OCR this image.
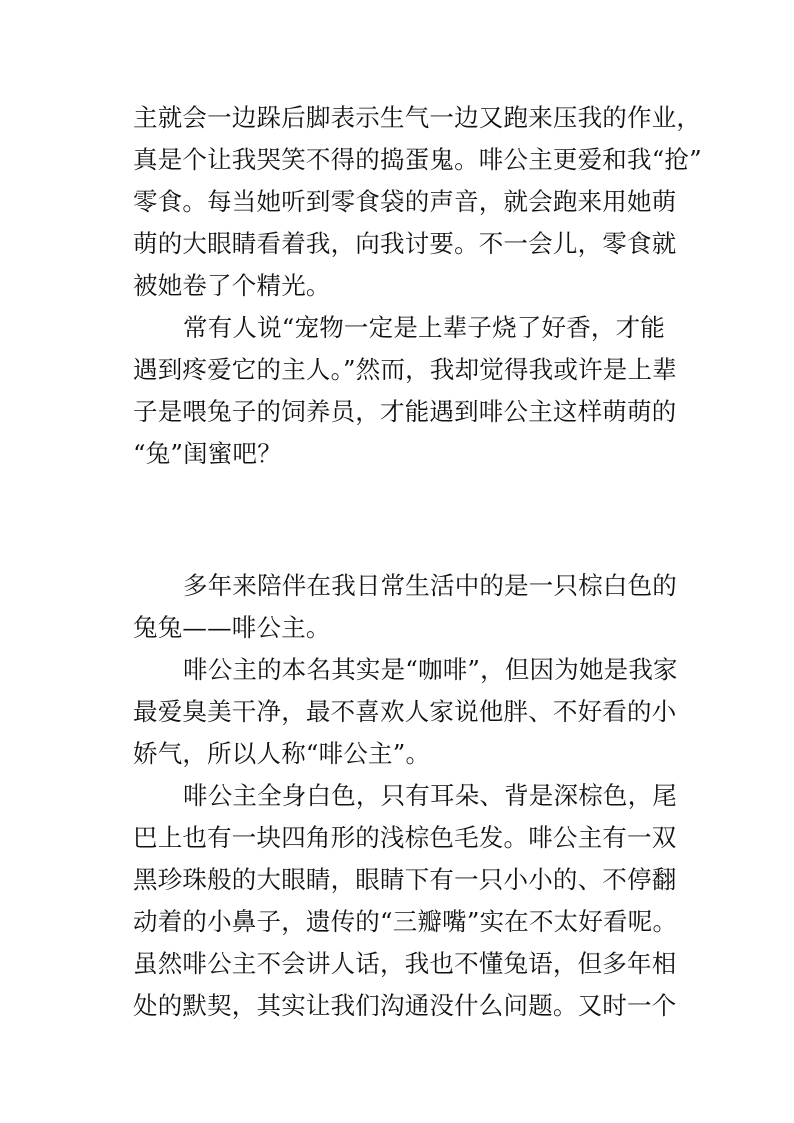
主就会一边跺后脚表示生气一边又跑来压我的作业，
真是个让我哭笑不得的捣蛋鬼。啡公主更爱和我“抢”
零食。每当她听到零食袋的声音，就会跑来用她萌
萌的大眼睛看着我，向我讨要。不一会儿，零食就
被她卷了个精光。
常有人说“宠物一定是上辈子烧了好香，才能
遇到疼爱它的主人。”然而，我却觉得我或许是上辈
子是喂兔子的饲养员，才能遇到啡公主这样萌萌的
“兔”闺蜜吧？
多年来陪伴在我日常生活中的是一只棕白色的
兔兔——啡公主。
啡公主的本名其实是“咖啡”，但因为她是我家
最爱臭美干净，最不喜欢人家说他胖、不好看的小
娇气，所以人称“啡公主”。
啡公主全身白色，只有耳朵、背是深棕色，尾
巴上也有一块四角形的浅棕色毛发。啡公主有一双
黑珍珠般的大眼睛，眼睛下有一只小小的、不停翻
动着的小鼻子，遗传的“三瓣嘴”实在不太好看呢。
虽然啡公主不会讲人话，我也不懂兔语，但多年相
处的默契，其实让我们沟通没什么问题。又时一个
